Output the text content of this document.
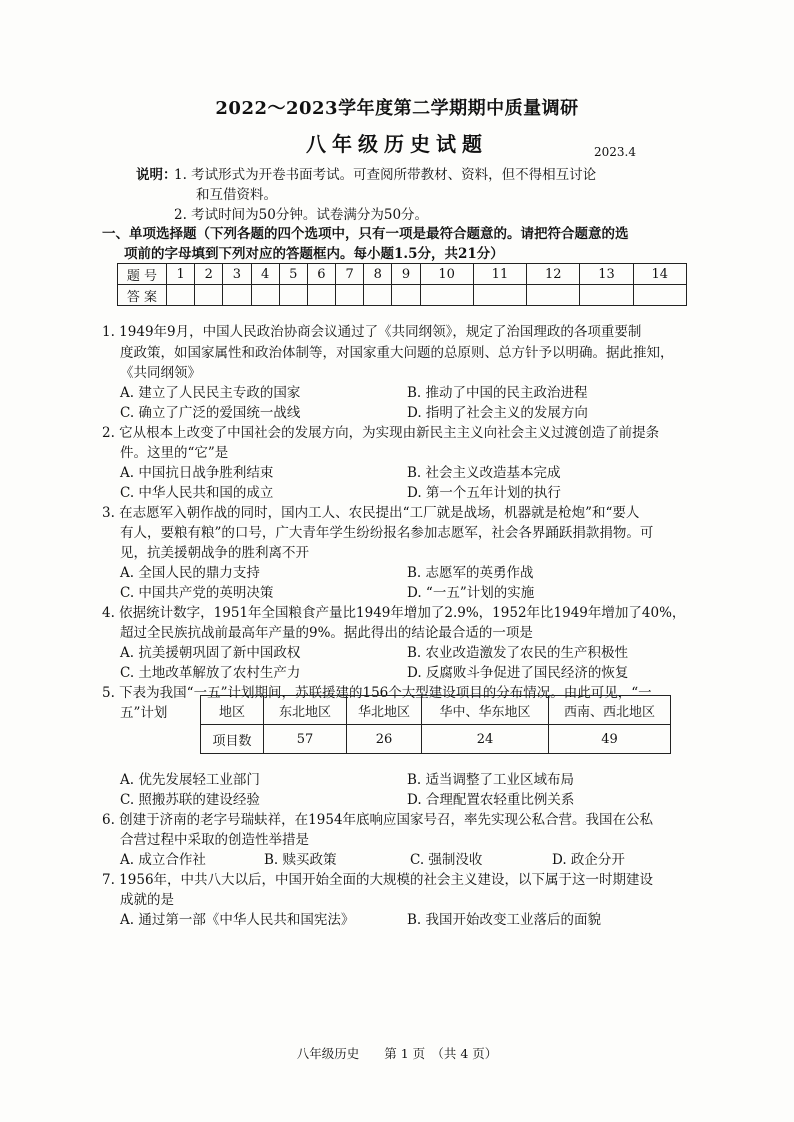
2022～2023学年度第二学期期中质量调研
八年级历史试题	2023.4
说明：
1. 考试形式为开卷书面考试。可查阅所带教材、资料，但不得相互讨论
和互借资料。
2. 考试时间为50分钟。试卷满分为50分。
一、单项选择题（下列各题的四个选项中，只有一项是最符合题意的。请把符合题意的选
项前的字母填到下列对应的答题框内。每小题1.5分，共21分）
题 号	1	2	3	4	5	6	7	8	9	10	11	12	13	14
答 案														
1. 1949年9月，中国人民政治协商会议通过了《共同纲领》，规定了治国理政的各项重要制
度政策，如国家属性和政治体制等，对国家重大问题的总原则、总方针予以明确。据此推知，
《共同纲领》
A. 建立了人民民主专政的国家	B. 推动了中国的民主政治进程
C. 确立了广泛的爱国统一战线	D. 指明了社会主义的发展方向
2. 它从根本上改变了中国社会的发展方向，为实现由新民主主义向社会主义过渡创造了前提条
件。这里的“它”是
A. 中国抗日战争胜利结束	B. 社会主义改造基本完成
C. 中华人民共和国的成立	D. 第一个五年计划的执行
3. 在志愿军入朝作战的同时，国内工人、农民提出“工厂就是战场，机器就是枪炮”和“要人
有人，要粮有粮”的口号，广大青年学生纷纷报名参加志愿军，社会各界踊跃捐款捐物。可
见，抗美援朝战争的胜利离不开
A. 全国人民的鼎力支持	B. 志愿军的英勇作战
C. 中国共产党的英明决策	D. “一五”计划的实施
4. 依据统计数字，1951年全国粮食产量比1949年增加了2.9%，1952年比1949年增加了40%，
超过全民族抗战前最高年产量的9%。据此得出的结论最合适的一项是
A. 抗美援朝巩固了新中国政权	B. 农业改造激发了农民的生产积极性
C. 土地改革解放了农村生产力	D. 反腐败斗争促进了国民经济的恢复
5. 下表为我国“一五”计划期间，苏联援建的156个大型建设项目的分布情况。由此可见，“一
五”计划	地区	东北地区	华北地区	华中、华东地区	西南、西北地区
项目数	57	26	24	49
A. 优先发展轻工业部门	B. 适当调整了工业区域布局
C. 照搬苏联的建设经验	D. 合理配置农轻重比例关系
6. 创建于济南的老字号瑞蚨祥，在1954年底响应国家号召，率先实现公私合营。我国在公私
合营过程中采取的创造性举措是
A. 成立合作社	B. 赎买政策	C. 强制没收	D. 政企分开
7. 1956年，中共八大以后，中国开始全面的大规模的社会主义建设，以下属于这一时期建设
成就的是
A. 通过第一部《中华人民共和国宪法》	B. 我国开始改变工业落后的面貌
八年级历史　　第 1 页　（共 4 页）
